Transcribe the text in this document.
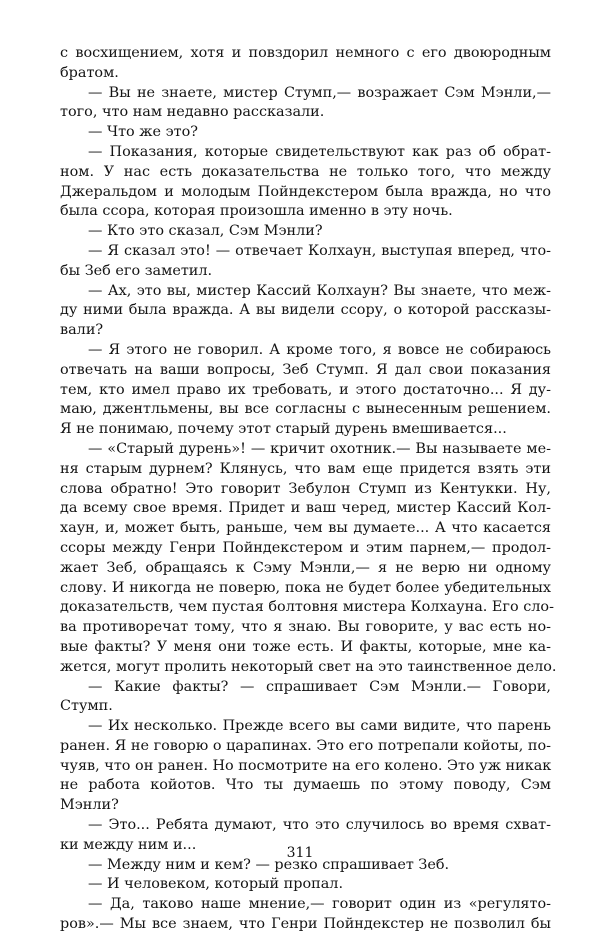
с восхищением, хотя и повздорил немного с его двоюродным
братом.
— Вы не знаете, мистер Стумп,— возражает Сэм Мэнли,—
того, что нам недавно рассказали.
— Что же это?
— Показания, которые свидетельствуют как раз об обрат-
ном. У нас есть доказательства не только того, что между
Джеральдом и молодым Пойндекстером была вражда, но что
была ссора, которая произошла именно в эту ночь.
— Кто это сказал, Сэм Мэнли?
— Я сказал это! — отвечает Колхаун, выступая вперед, что-
бы Зеб его заметил.
— Ах, это вы, мистер Кассий Колхаун? Вы знаете, что меж-
ду ними была вражда. А вы видели ссору, о которой рассказы-
вали?
— Я этого не говорил. А кроме того, я вовсе не собираюсь
отвечать на ваши вопросы, Зеб Стумп. Я дал свои показания
тем, кто имел право их требовать, и этого достаточно... Я ду-
маю, джентльмены, вы все согласны с вынесенным решением.
Я не понимаю, почему этот старый дурень вмешивается...
— «Старый дурень»! — кричит охотник.— Вы называете ме-
ня старым дурнем? Клянусь, что вам еще придется взять эти
слова обратно! Это говорит Зебулон Стумп из Кентукки. Ну,
да всему свое время. Придет и ваш черед, мистер Кассий Кол-
хаун, и, может быть, раньше, чем вы думаете... А что касается
ссоры между Генри Пойндекстером и этим парнем,— продол-
жает Зеб, обращаясь к Сэму Мэнли,— я не верю ни одному
слову. И никогда не поверю, пока не будет более убедительных
доказательств, чем пустая болтовня мистера Колхауна. Его сло-
ва противоречат тому, что я знаю. Вы говорите, у вас есть но-
вые факты? У меня они тоже есть. И факты, которые, мне ка-
жется, могут пролить некоторый свет на это таинственное дело.
— Какие факты? — спрашивает Сэм Мэнли.— Говори,
Стумп.
— Их несколько. Прежде всего вы сами видите, что парень
ранен. Я не говорю о царапинах. Это его потрепали койоты, по-
чуяв, что он ранен. Но посмотрите на его колено. Это уж никак
не работа койотов. Что ты думаешь по этому поводу, Сэм
Мэнли?
— Это... Ребята думают, что это случилось во время схват-
ки между ним и...
— Между ним и кем? — резко спрашивает Зеб.
— И человеком, который пропал.
— Да, таково наше мнение,— говорит один из «регулято-
ров».— Мы все знаем, что Генри Пойндекстер не позволил бы
311
